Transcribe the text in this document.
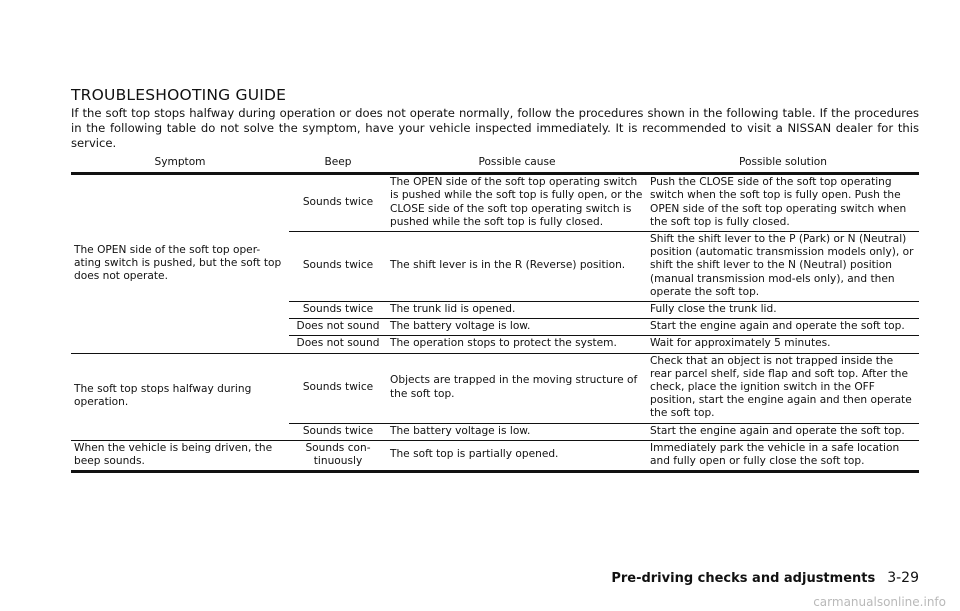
TROUBLESHOOTING GUIDE

If the soft top stops halfway during operation or does not operate normally, follow the procedures shown in the following table. If the procedures in the following table do not solve the symptom, have your vehicle inspected immediately. It is recommended to visit a NISSAN dealer for this service.

Symptom	Beep	Possible cause	Possible solution
The OPEN side of the soft top oper-ating switch is pushed, but the soft top does not operate.	Sounds twice	The OPEN side of the soft top operating switch is pushed while the soft top is fully open, or the CLOSE side of the soft top operating switch is pushed while the soft top is fully closed.	Push the CLOSE side of the soft top operating switch when the soft top is fully open. Push the OPEN side of the soft top operating switch when the soft top is fully closed.
	Sounds twice	The shift lever is in the R (Reverse) position.	Shift the shift lever to the P (Park) or N (Neutral) position (automatic transmission models only), or shift the shift lever to the N (Neutral) position (manual transmission mod-els only), and then operate the soft top.
	Sounds twice	The trunk lid is opened.	Fully close the trunk lid.
	Does not sound	The battery voltage is low.	Start the engine again and operate the soft top.
	Does not sound	The operation stops to protect the system.	Wait for approximately 5 minutes.
The soft top stops halfway during operation.	Sounds twice	Objects are trapped in the moving structure of the soft top.	Check that an object is not trapped inside the rear parcel shelf, side flap and soft top. After the check, place the ignition switch in the OFF position, start the engine again and then operate the soft top.
	Sounds twice	The battery voltage is low.	Start the engine again and operate the soft top.
When the vehicle is being driven, the beep sounds.	Sounds con-tinuously	The soft top is partially opened.	Immediately park the vehicle in a safe location and fully open or fully close the soft top.
Pre-driving checks and adjustments 3-29
carmanualsonline.info
